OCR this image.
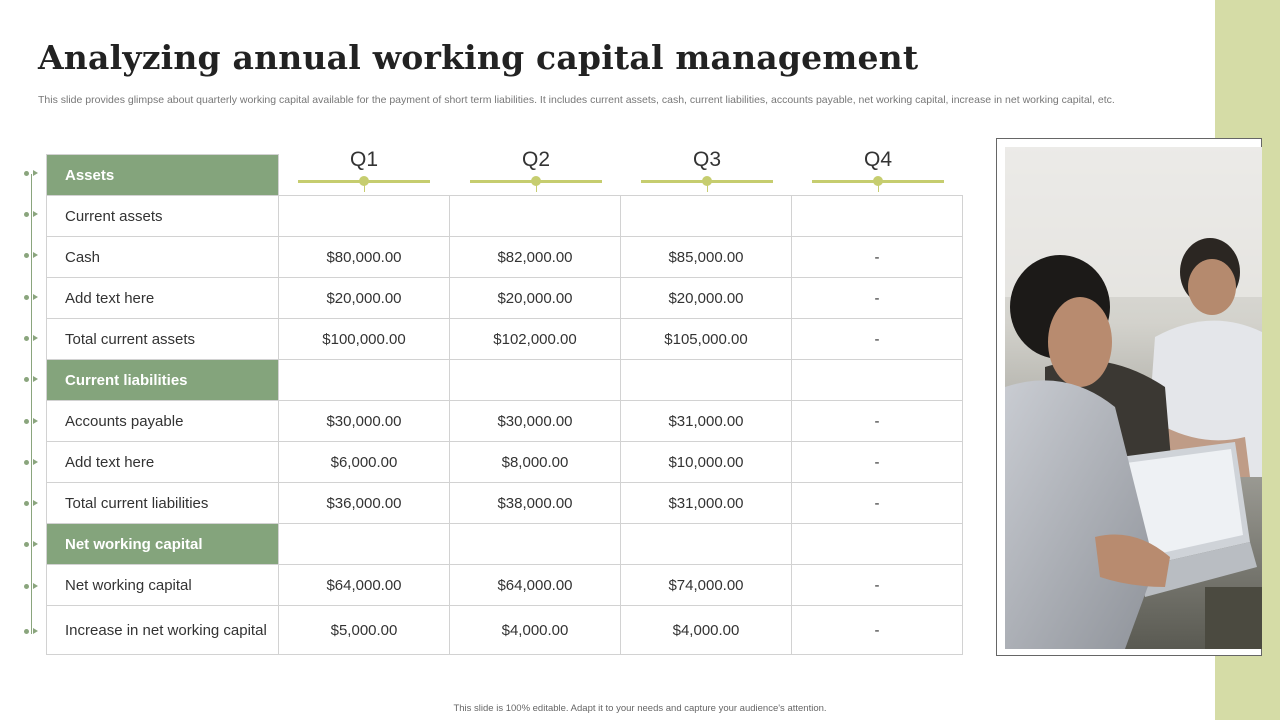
Analyzing annual working capital management

This slide provides glimpse about quarterly working capital available for the payment of short term liabilities. It includes current assets, cash, current liabilities, accounts payable, net working capital, increase in net working capital, etc.

Q1	Q2	Q3	Q4
Assets				
Current assets				
Cash	$80,000.00	$82,000.00	$85,000.00	-
Add text here	$20,000.00	$20,000.00	$20,000.00	-
Total current assets	$100,000.00	$102,000.00	$105,000.00	-
Current liabilities				
Accounts payable	$30,000.00	$30,000.00	$31,000.00	-
Add text here	$6,000.00	$8,000.00	$10,000.00	-
Total current liabilities	$36,000.00	$38,000.00	$31,000.00	-
Net working capital				
Net working capital	$64,000.00	$64,000.00	$74,000.00	-
Increase in net working capital	$5,000.00	$4,000.00	$4,000.00	-
This slide is 100% editable. Adapt it to your needs and capture your audience's attention.
